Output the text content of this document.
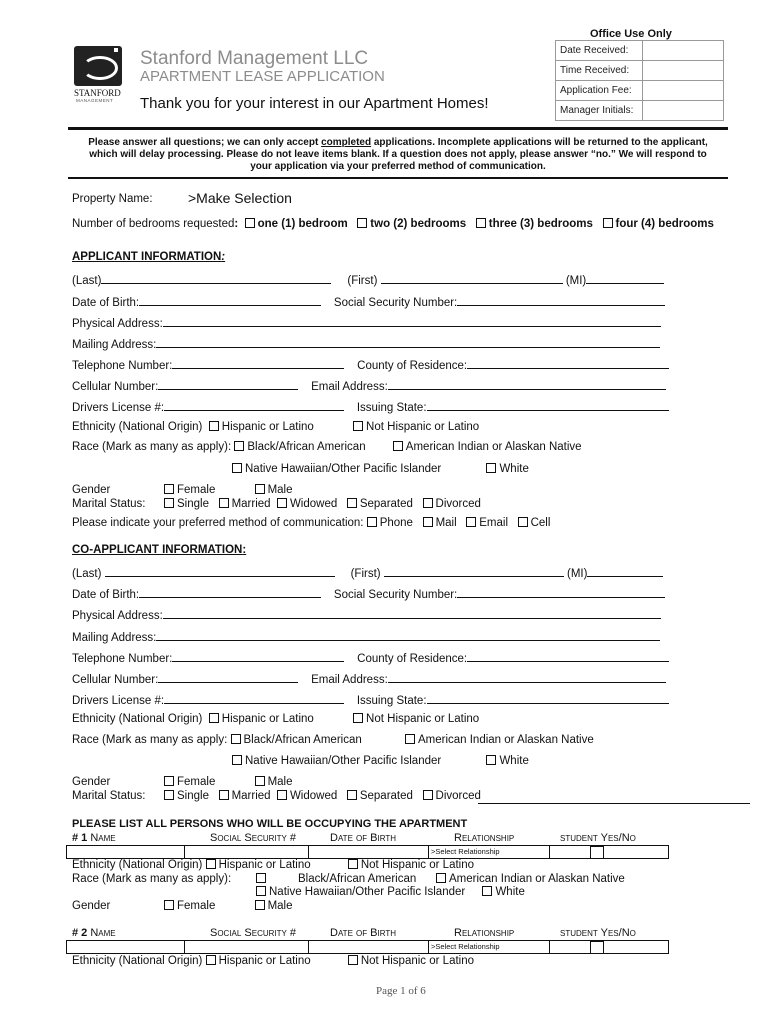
STANFORD
MANAGEMENT
Stanford Management LLC
APARTMENT LEASE APPLICATION
Thank you for your interest in our Apartment Homes!
Office Use Only
Date Received:	
Time Received:	
Application Fee:	
Manager Initials:	
Please answer all questions; we can only accept completed applications. Incomplete applications will be returned to the applicant,
which will delay processing. Please do not leave items blank. If a question does not apply, please answer “no.” We will respond to
your application via your preferred method of communication.
Property Name:	>Make Selection
Number of bedrooms requested: one (1) bedroom two (2) bedrooms three (3) bedrooms four (4) bedrooms
APPLICANT INFORMATION:
(Last)	(First)	(MI)
Date of Birth:	Social Security Number:
Physical Address:
Mailing Address:
Telephone Number:	County of Residence:
Cellular Number:	Email Address:
Drivers License #:	Issuing State:
Ethnicity (National Origin) Hispanic or Latino	Not Hispanic or Latino
Race (Mark as many as apply): Black/African American	American Indian or Alaskan Native
Native Hawaiian/Other Pacific Islander	White
Gender	Female	Male
Marital Status:	Single Married Widowed Separated Divorced
Please indicate your preferred method of communication: Phone Mail Email Cell
CO-APPLICANT INFORMATION:
(Last)	(First)	(MI)
Date of Birth:	Social Security Number:
Physical Address:
Mailing Address:
Telephone Number:	County of Residence:
Cellular Number:	Email Address:
Drivers License #:	Issuing State:
Ethnicity (National Origin) Hispanic or Latino	Not Hispanic or Latino
Race (Mark as many as apply: Black/African American	American Indian or Alaskan Native
Native Hawaiian/Other Pacific Islander	White
Gender	Female	Male
Marital Status:	Single Married Widowed Separated Divorced
PLEASE LIST ALL PERSONS WHO WILL BE OCCUPYING THE APARTMENT
# 1 Name	Social Security #	Date of Birth	Relationship	student Yes/No
>Select Relationship
Ethnicity (National Origin) Hispanic or Latino	Not Hispanic or Latino
Race (Mark as many as apply):	Black/African American	American Indian or Alaskan Native
Native Hawaiian/Other Pacific Islander	White
Gender	Female	Male
# 2 Name	Social Security #	Date of Birth	Relationship	student Yes/No
>Select Relationship
Ethnicity (National Origin) Hispanic or Latino	Not Hispanic or Latino
Page 1 of 6
